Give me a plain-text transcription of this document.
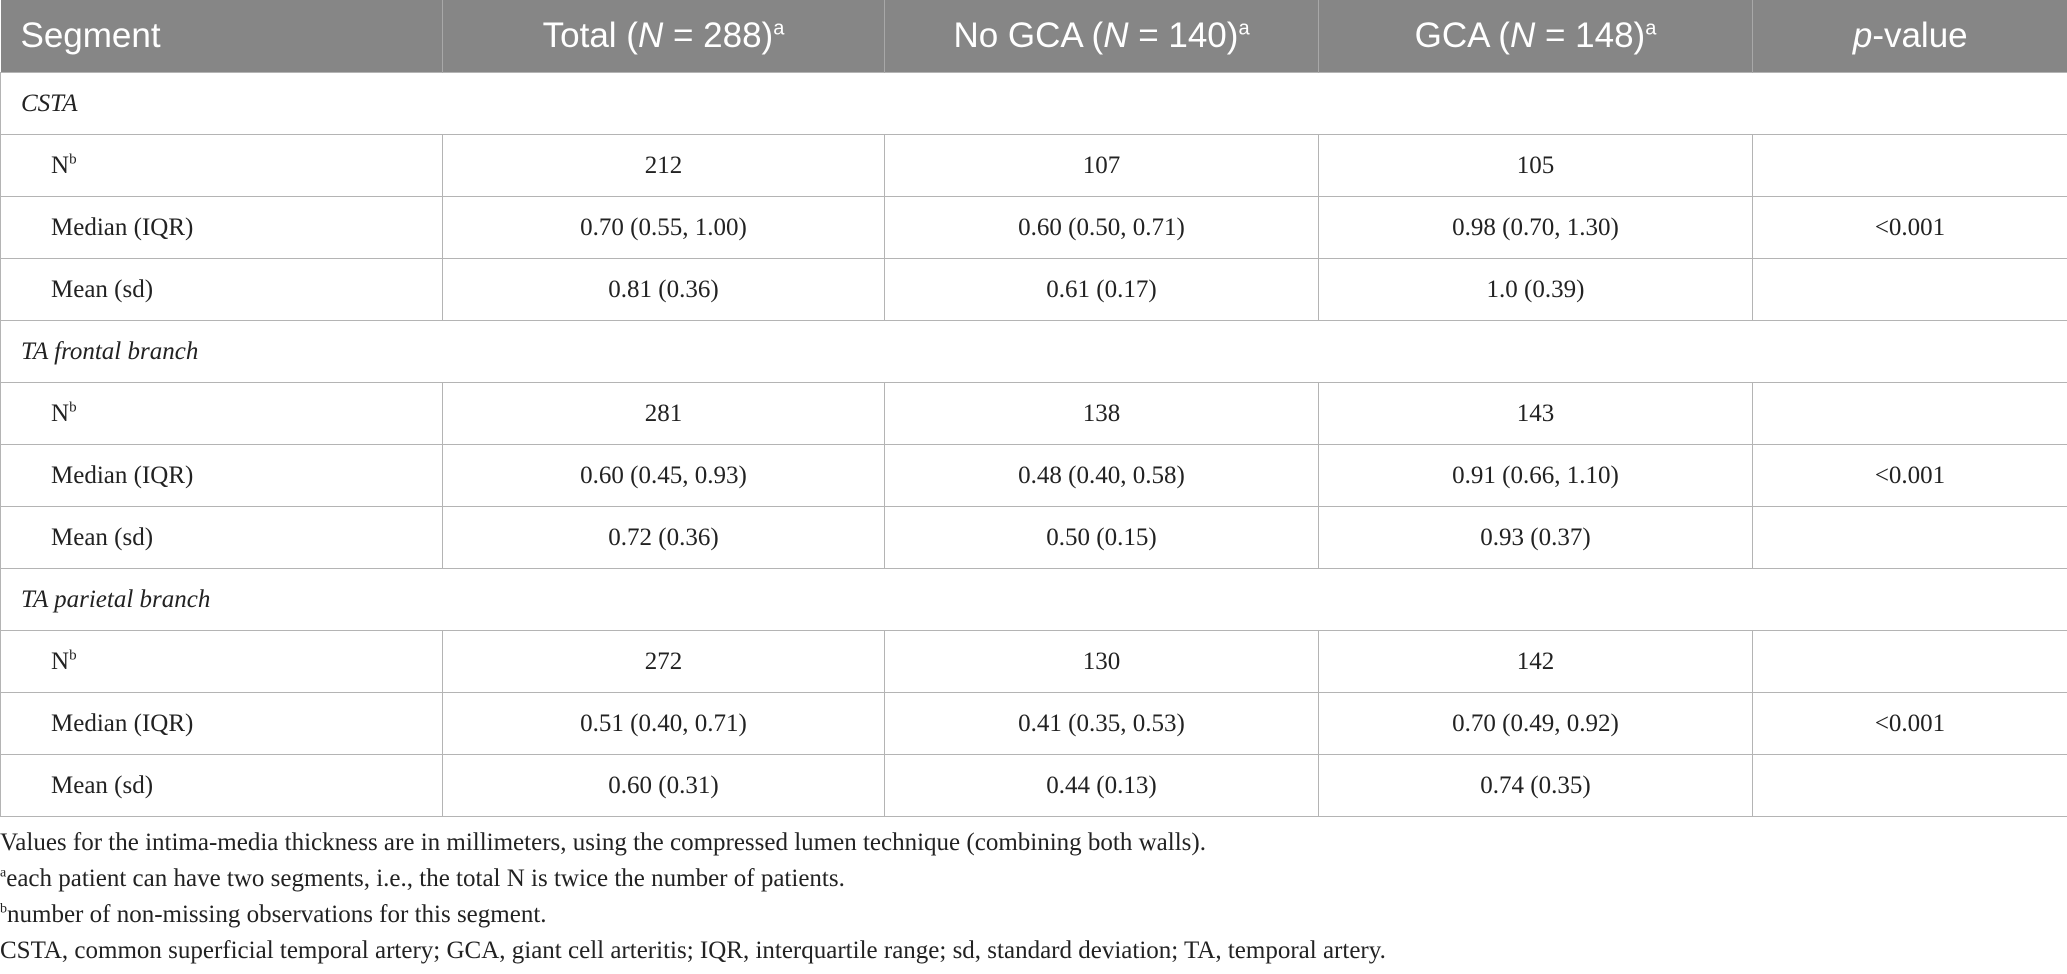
Segment	Total (N = 288)$^a$	No GCA (N = 140)$^a$	GCA (N = 148)$^a$	p-value
CSTA				
$N^b$	212	107	105	
Median (IQR)	0.70 (0.55, 1.00)	0.60 (0.50, 0.71)	0.98 (0.70, 1.30)	<0.001
Mean (sd)	0.81 (0.36)	0.61 (0.17)	1.0 (0.39)	
TA frontal branch				
$N^b$	281	138	143	
Median (IQR)	0.60 (0.45, 0.93)	0.48 (0.40, 0.58)	0.91 (0.66, 1.10)	<0.001
Mean (sd)	0.72 (0.36)	0.50 (0.15)	0.93 (0.37)	
TA parietal branch				
$N^b$	272	130	142	
Median (IQR)	0.51 (0.40, 0.71)	0.41 (0.35, 0.53)	0.70 (0.49, 0.92)	<0.001
Mean (sd)	0.60 (0.31)	0.44 (0.13)	0.74 (0.35)	
Values for the intima-media thickness are in millimeters, using the compressed lumen technique (combining both walls).
$^a$each patient can have two segments, i.e., the total N is twice the number of patients.
$^b$number of non-missing observations for this segment.
CSTA, common superficial temporal artery; GCA, giant cell arteritis; IQR, interquartile range; sd, standard deviation; TA, temporal artery.
